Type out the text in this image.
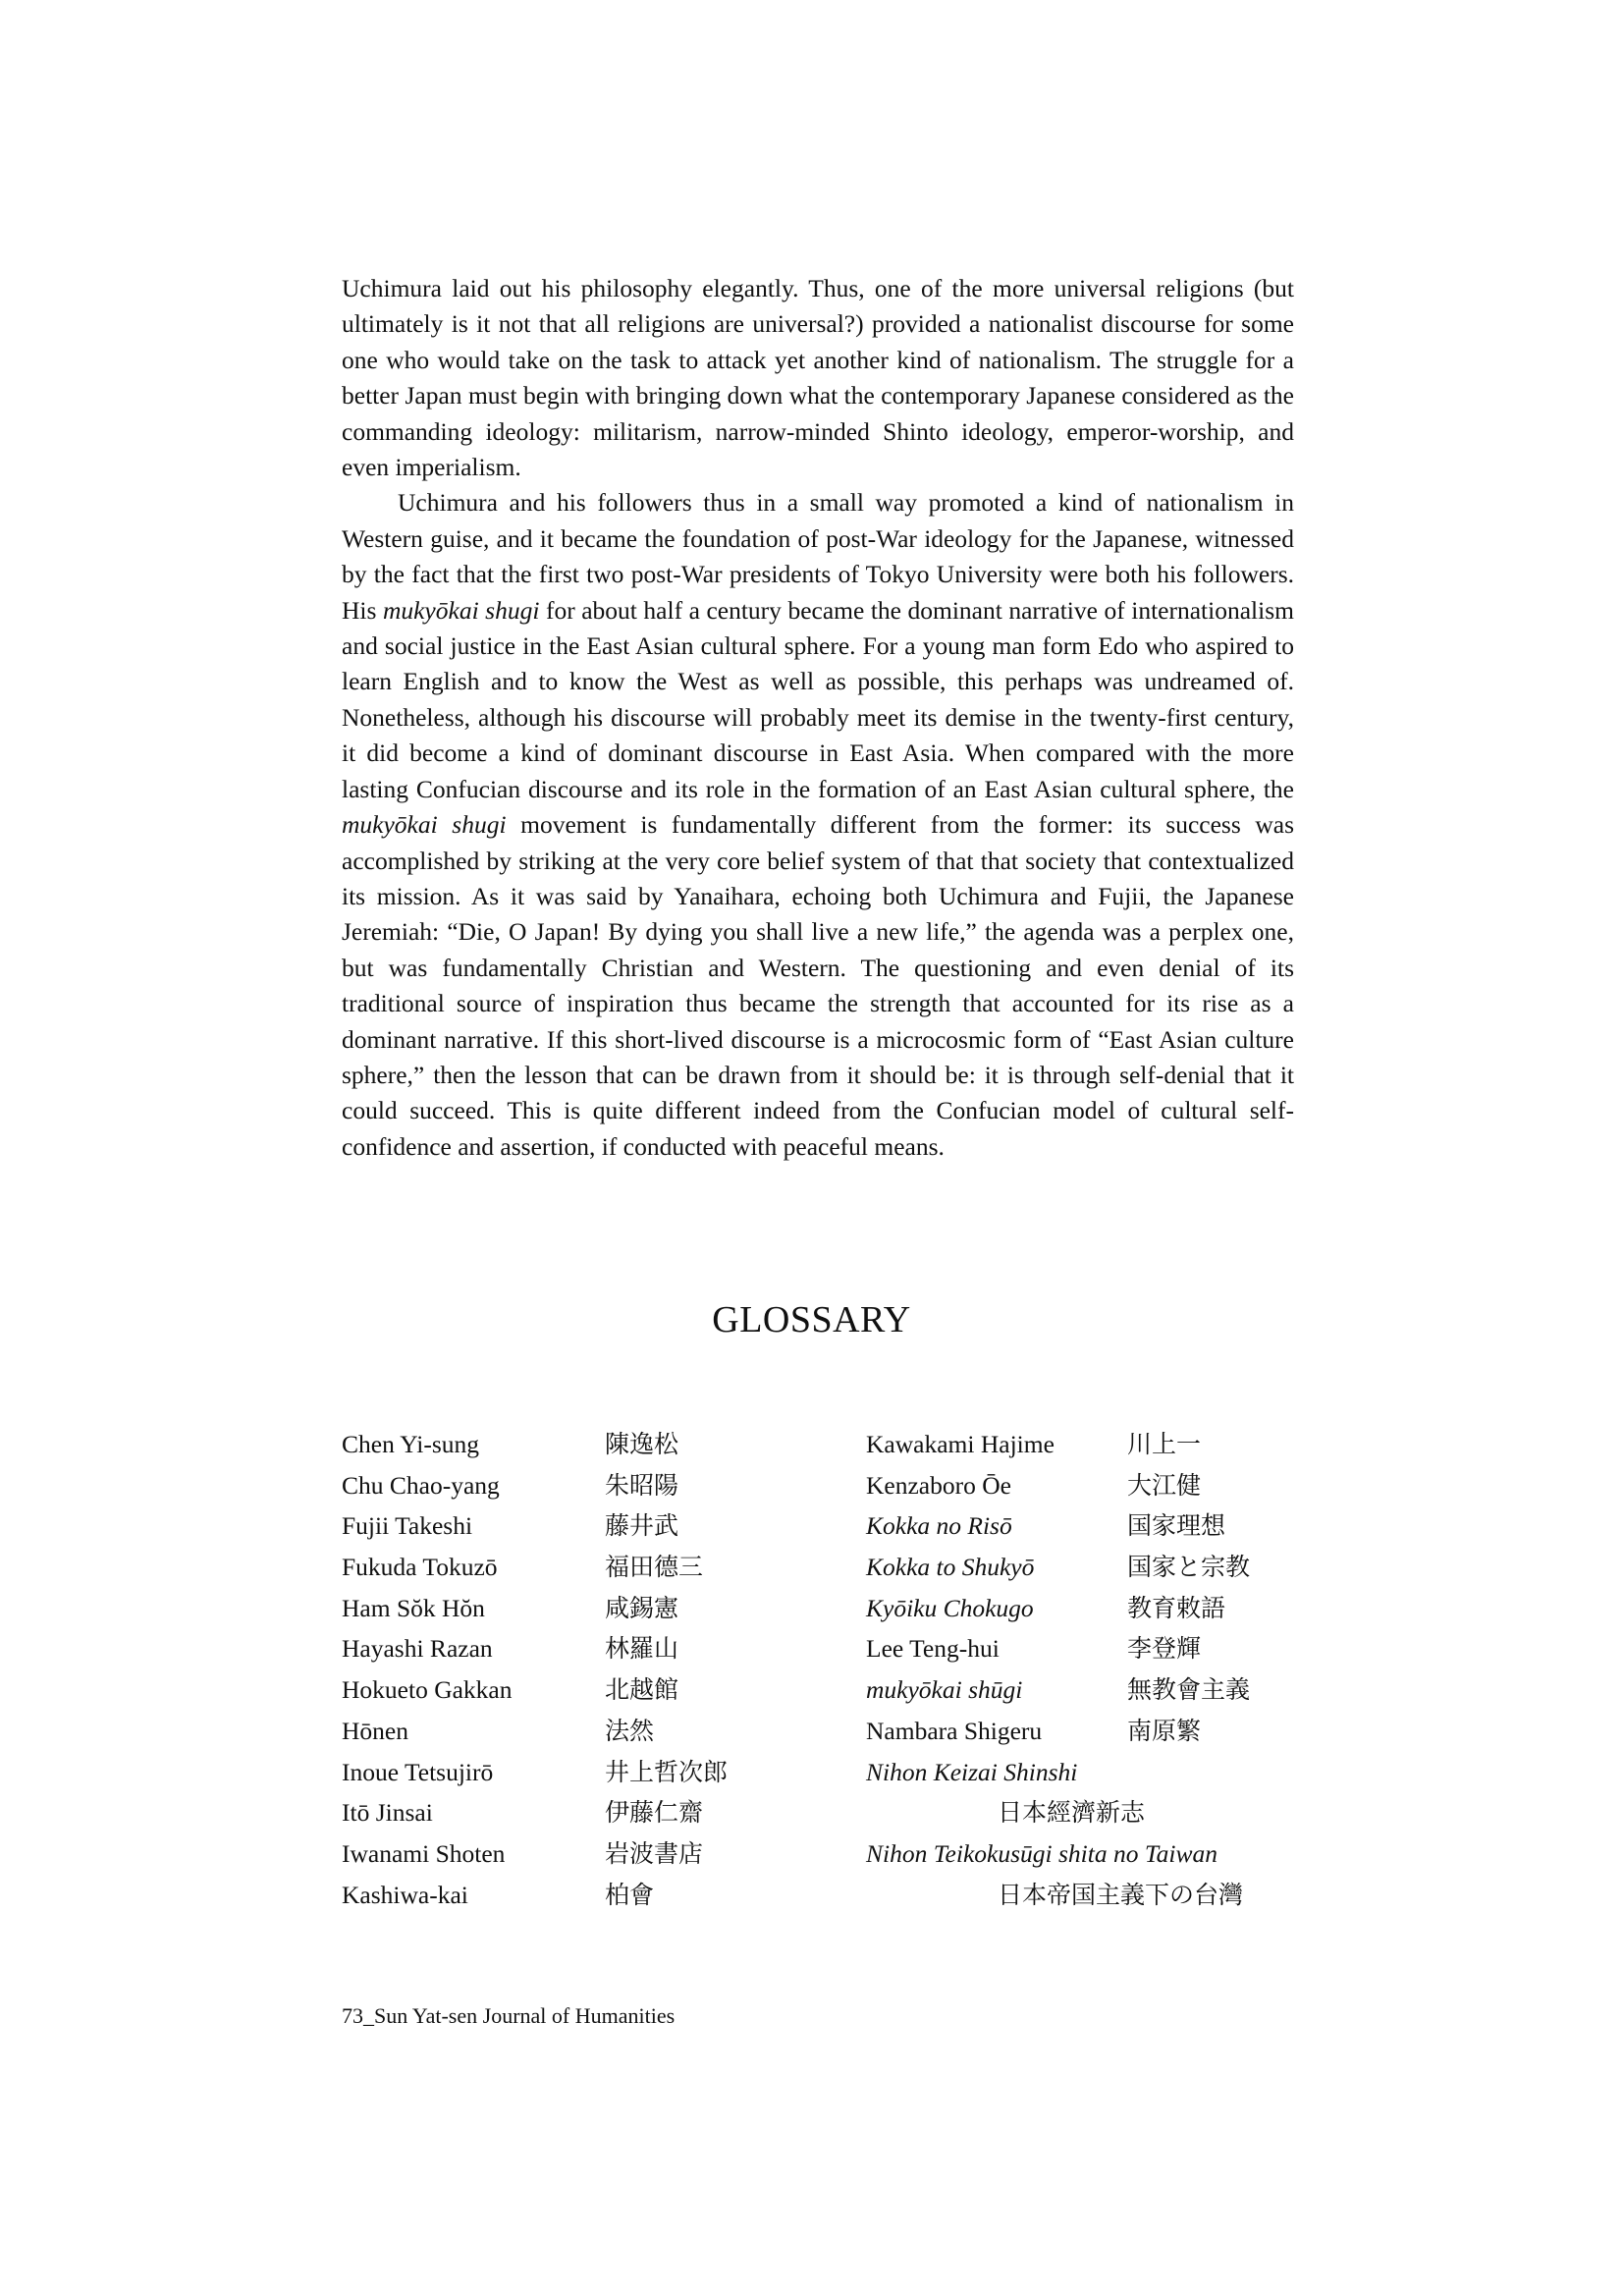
Uchimura laid out his philosophy elegantly. Thus, one of the more universal religions (but ultimately is it not that all religions are universal?) provided a nationalist discourse for some one who would take on the task to attack yet another kind of nationalism. The struggle for a better Japan must begin with bringing down what the contemporary Japanese considered as the commanding ideology: militarism, narrow-minded Shinto ideology, emperor-worship, and even imperialism.

Uchimura and his followers thus in a small way promoted a kind of nationalism in Western guise, and it became the foundation of post-War ideology for the Japanese, witnessed by the fact that the first two post-War presidents of Tokyo University were both his followers. His mukyōkai shugi for about half a century became the dominant narrative of internationalism and social justice in the East Asian cultural sphere. For a young man form Edo who aspired to learn English and to know the West as well as possible, this perhaps was undreamed of. Nonetheless, although his discourse will probably meet its demise in the twenty-first century, it did become a kind of dominant discourse in East Asia. When compared with the more lasting Confucian discourse and its role in the formation of an East Asian cultural sphere, the mukyōkai shugi movement is fundamentally different from the former: its success was accomplished by striking at the very core belief system of that that society that contextualized its mission. As it was said by Yanaihara, echoing both Uchimura and Fujii, the Japanese Jeremiah: “Die, O Japan! By dying you shall live a new life,” the agenda was a perplex one, but was fundamentally Christian and Western. The questioning and even denial of its traditional source of inspiration thus became the strength that accounted for its rise as a dominant narrative. If this short-lived discourse is a microcosmic form of “East Asian culture sphere,” then the lesson that can be drawn from it should be: it is through self-denial that it could succeed. This is quite different indeed from the Confucian model of cultural self-confidence and assertion, if conducted with peaceful means.

GLOSSARY
Chen Yi-sung	陳逸松
Chu Chao-yang	朱昭陽
Fujii Takeshi	藤井武
Fukuda Tokuzō	福田德三
Ham Sŏk Hŏn	咸錫憲
Hayashi Razan	林羅山
Hokueto Gakkan	北越館
Hōnen	法然
Inoue Tetsujirō	井上哲次郎
Itō Jinsai	伊藤仁齋
Iwanami Shoten	岩波書店
Kashiwa-kai	柏會
Kawakami Hajime	川上一
Kenzaboro Ōe	大江健
Kokka no Risō	国家理想
Kokka to Shukyō	国家と宗教
Kyōiku Chokugo	教育敕語
Lee Teng-hui	李登輝
mukyōkai shūgi	無教會主義
Nambara Shigeru	南原繁
Nihon Keizai Shinshi
日本經濟新志
Nihon Teikokusūgi shita no Taiwan
日本帝国主義下の台灣
73_Sun Yat-sen Journal of Humanities
